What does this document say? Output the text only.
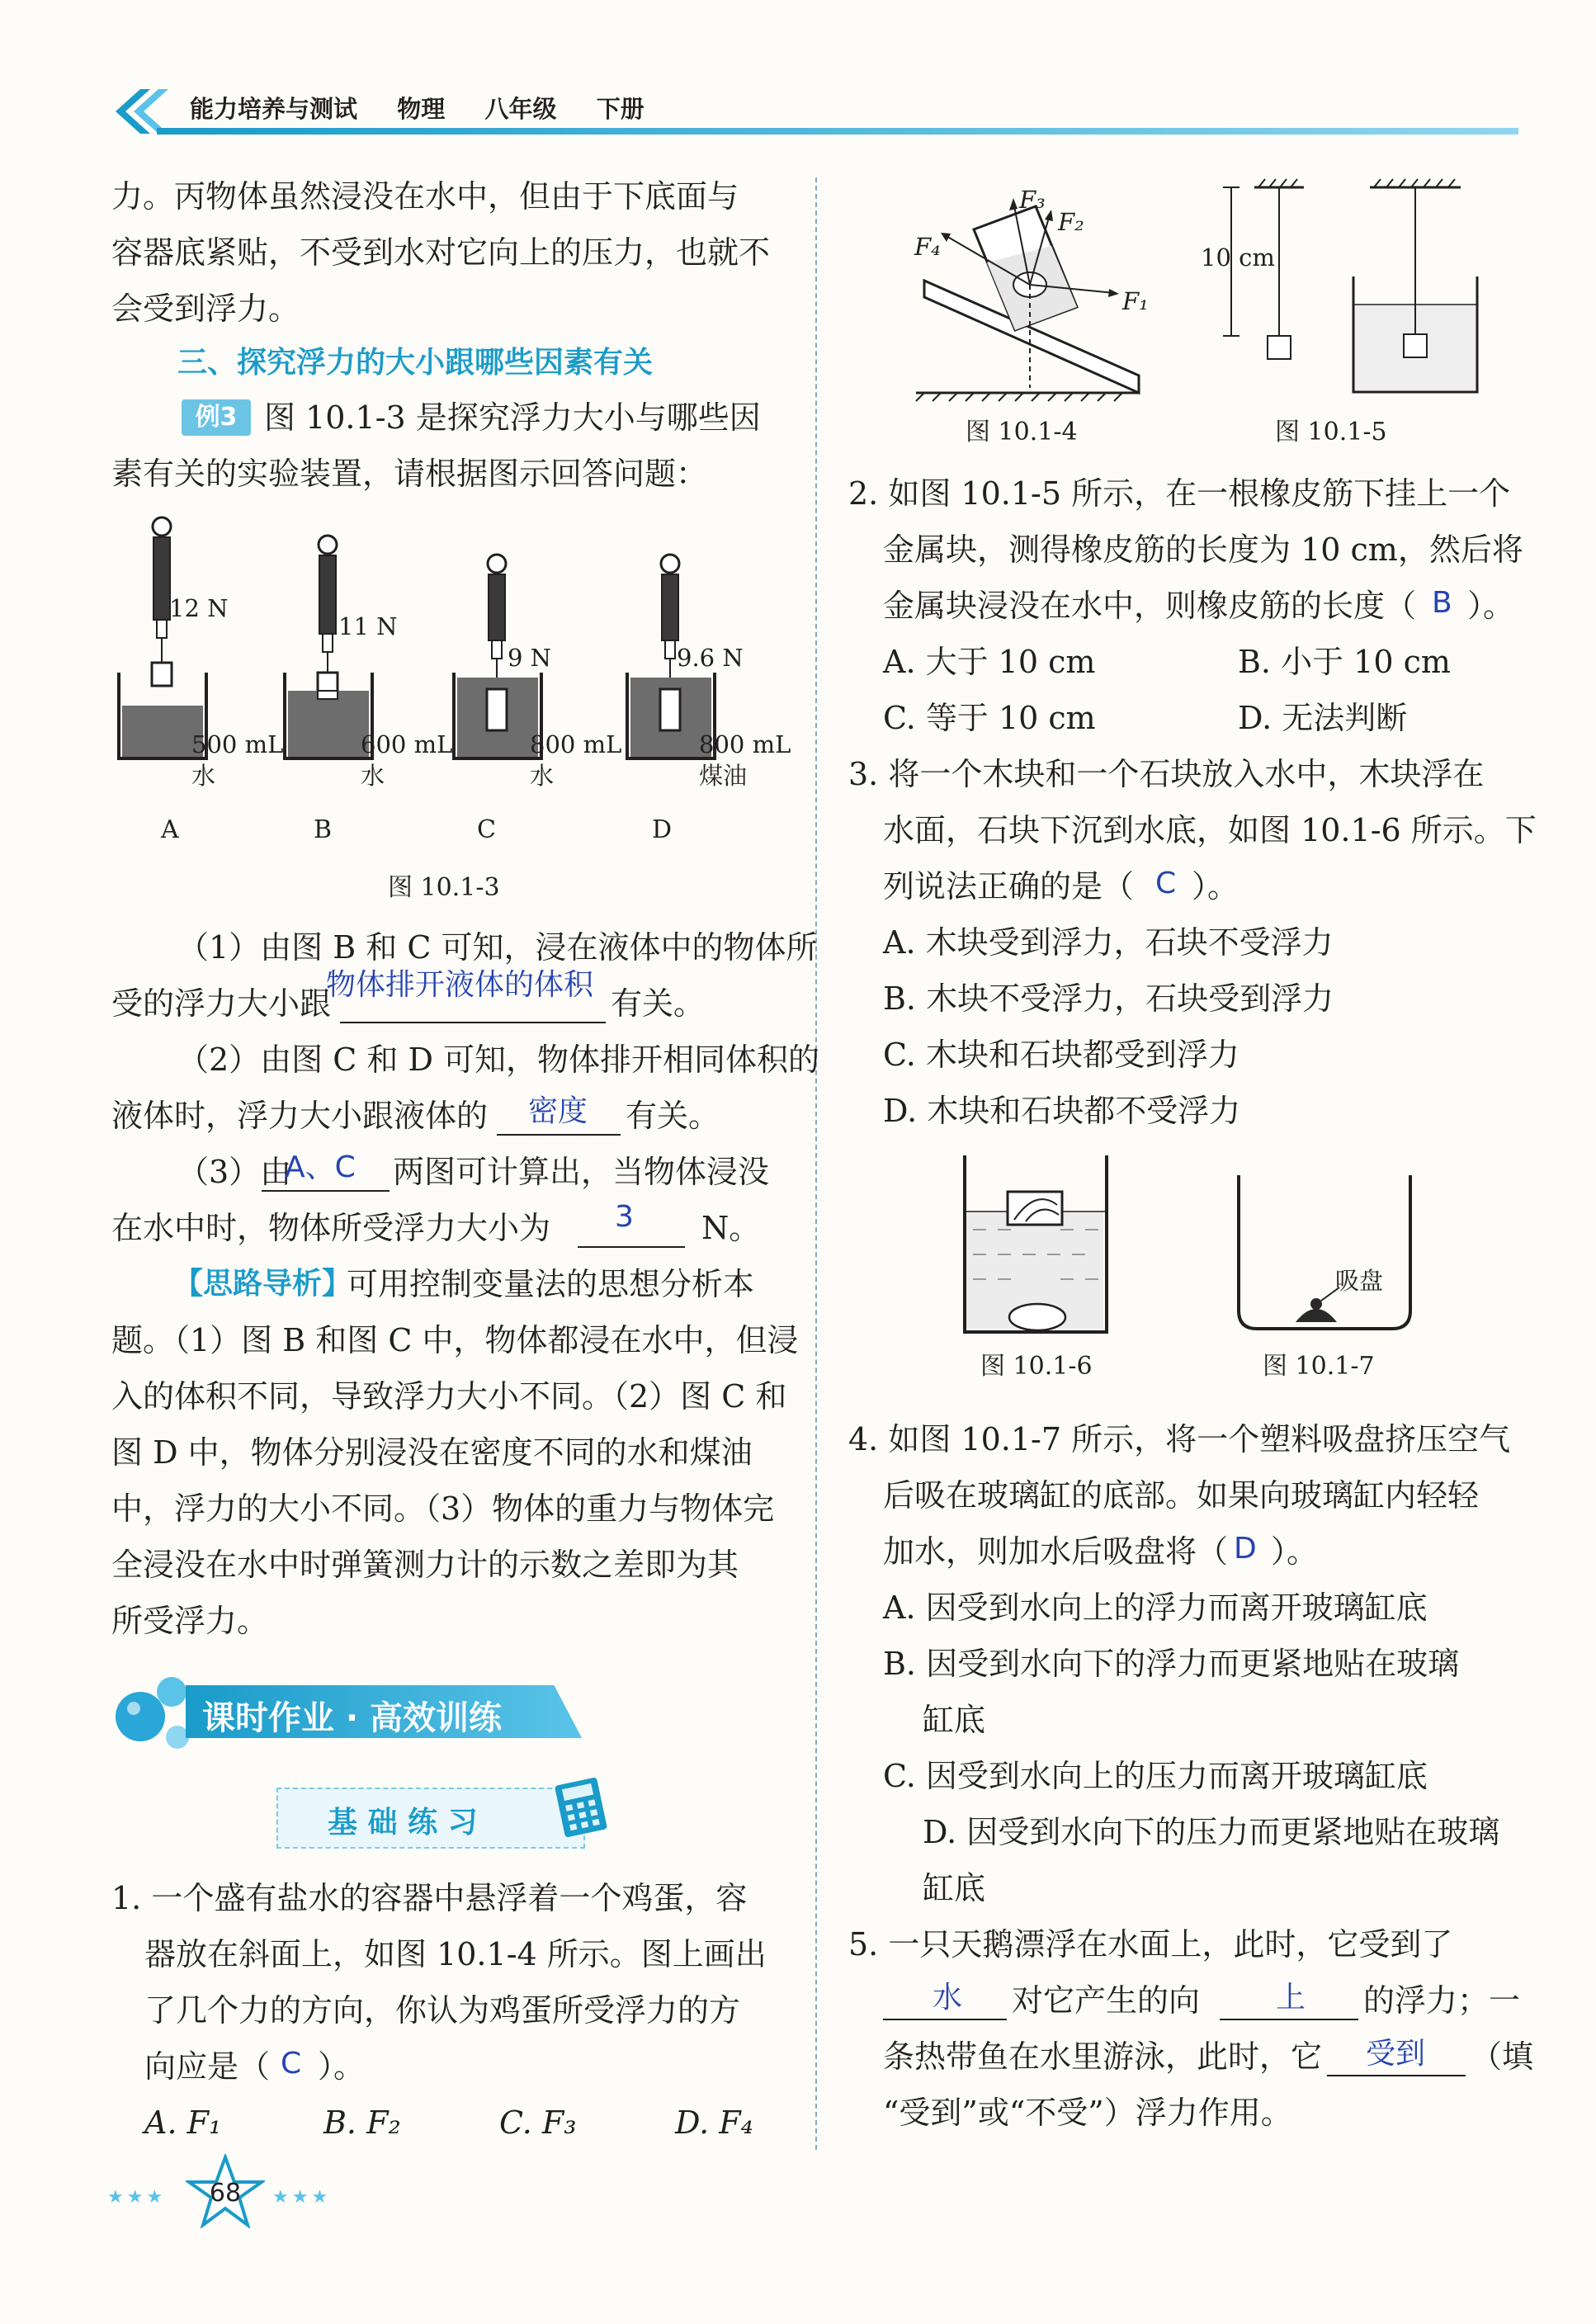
能力培养与测试 物理 八年级 下册
力。丙物体虽然浸没在水中，但由于下底面与
容器底紧贴，不受到水对它向上的压力，也就不
会受到浮力。
三、探究浮力的大小跟哪些因素有关
例3 图 10.1-3 是探究浮力大小与哪些因
素有关的实验装置，请根据图示回答问题：
12 N
11 N
9 N	9.6 N
500 mL
水
600 mL
水
800 mL
水
800 mL
煤油
A	B	C	D
图 10.1-3
（1）由图 B 和 C 可知，浸在液体中的物体所
受的浮力大小跟
物体排开液体的体积
有关。
（2）由图 C 和 D 可知，物体排开相同体积的
液体时，浮力大小跟液体的 密度 有关。
（3）由
A、C 两图可计算出，当物体浸没
在水中时，物体所受浮力大小为 3 N。
【思路导析】
可用控制变量法的思想分析本
题。（1）图 B 和图 C 中，物体都浸在水中，但浸
入的体积不同，导致浮力大小不同。（2）图 C 和
图 D 中，物体分别浸没在密度不同的水和煤油
中，浮力的大小不同。（3）物体的重力与物体完
全浸没在水中时弹簧测力计的示数之差即为其
所受浮力。
课时作业 · 高效训练
基 础 练 习
1. 一个盛有盐水的容器中悬浮着一个鸡蛋，容
器放在斜面上，如图 10.1-4 所示。图上画出
了几个力的方向，你认为鸡蛋所受浮力的方
向应是（ C ）。
A. F₁	B. F₂	C. F₃	D. F₄
★★★ 68 ★★★
F₃
F₂
F₄
F₁
图 10.1-4
10 cm
图 10.1-5
2. 如图 10.1-5 所示，在一根橡皮筋下挂上一个
金属块，测得橡皮筋的长度为 10 cm，然后将
金属块浸没在水中，则橡皮筋的长度（ B ）。
A. 大于 10 cm	B. 小于 10 cm
C. 等于 10 cm	D. 无法判断
3. 将一个木块和一个石块放入水中，木块浮在
水面，石块下沉到水底，如图 10.1-6 所示。下
列说法正确的是（ C ）。
A. 木块受到浮力，石块不受浮力
B. 木块不受浮力，石块受到浮力
C. 木块和石块都受到浮力
D. 木块和石块都不受浮力
图 10.1-6
吸盘
图 10.1-7
4. 如图 10.1-7 所示，将一个塑料吸盘挤压空气
后吸在玻璃缸的底部。如果向玻璃缸内轻轻
加水，则加水后吸盘将（ D ）。
A. 因受到水向上的浮力而离开玻璃缸底
B. 因受到水向下的浮力而更紧地贴在玻璃
缸底
C. 因受到水向上的压力而离开玻璃缸底
D. 因受到水向下的压力而更紧地贴在玻璃
缸底
5. 一只天鹅漂浮在水面上，此时，它受到了
水 对它产生的向	上 的浮力；一
条热带鱼在水里游泳，此时，它 受到 （填
“受到”或“不受”）浮力作用。
